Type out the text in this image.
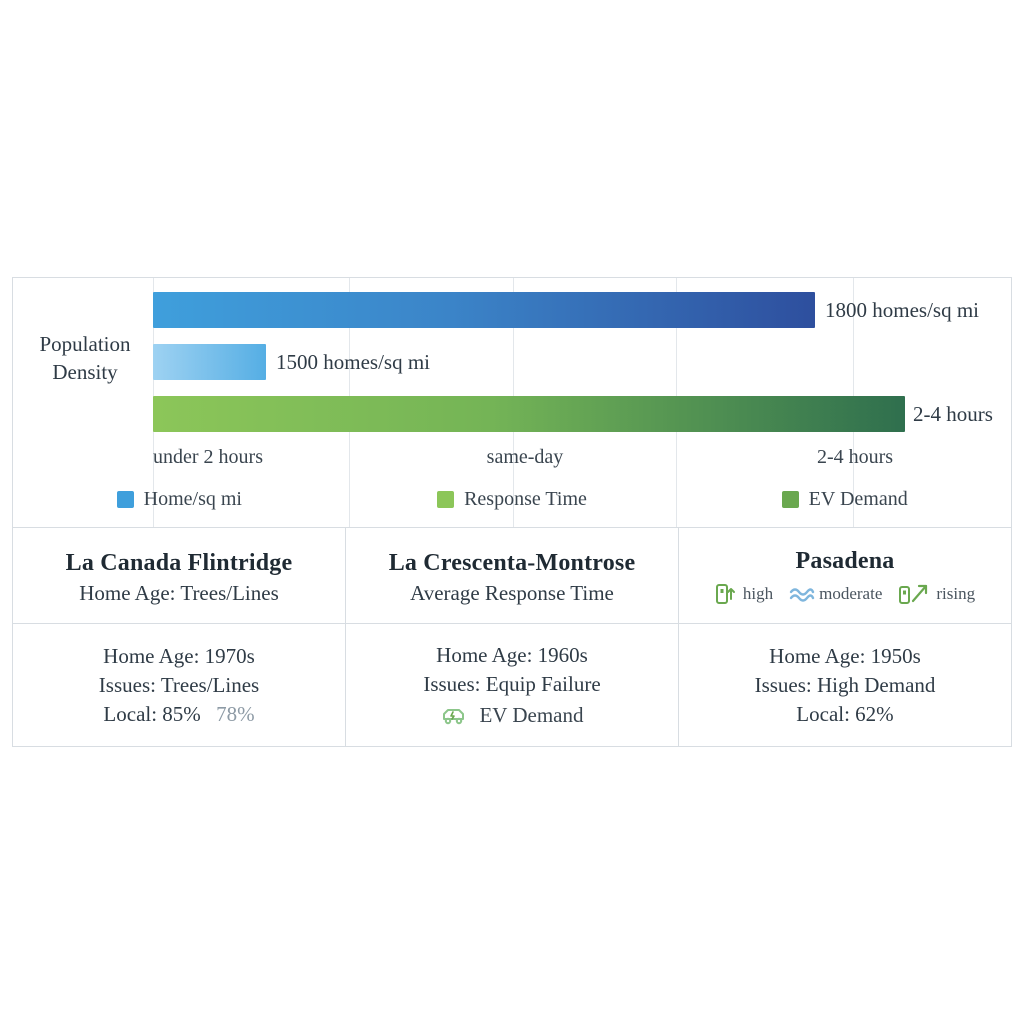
Population
Density
1800 homes/sq mi
1500 homes/sq mi
2-4 hours
under 2 hours	same-day	2-4 hours
Home/sq mi	Response Time	EV Demand
La Canada Flintridge
Home Age: Trees/Lines
La Crescenta-Montrose
Average Response Time
Pasadena
high	moderate	rising
Home Age: 1970s
Issues: Trees/Lines
Local: 85% 78%
Home Age: 1960s
Issues: Equip Failure
EV Demand
Home Age: 1950s
Issues: High Demand
Local: 62%
